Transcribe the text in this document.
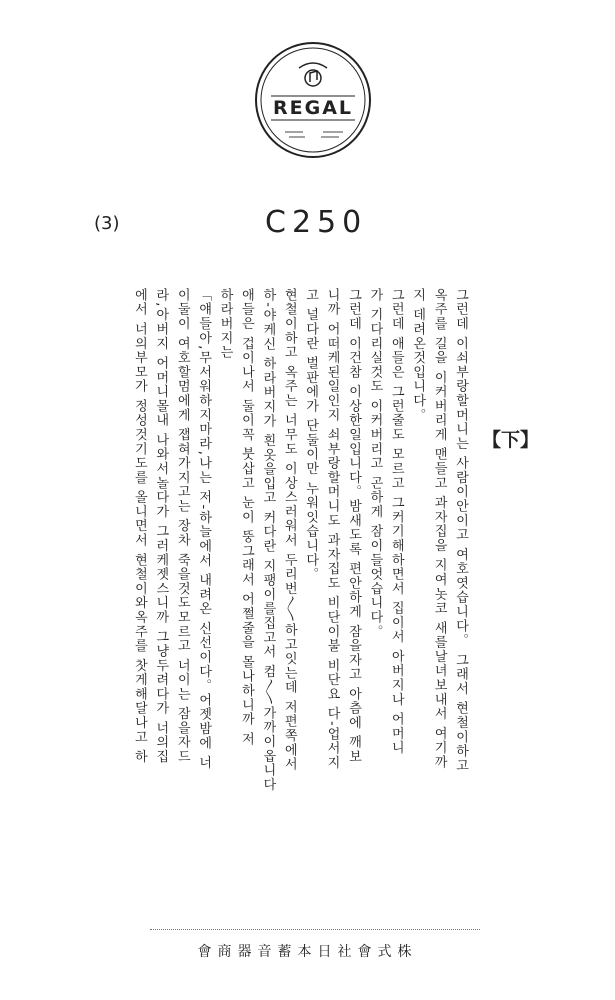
REGAL
(3)	C250
【下】
그런데 이쇠부랑할머니는 사람이안이고 여호엿습니다。 그래서 현철이하고
옥주를 길을 이커버리게 맨들고 과자집을 지여놋코 새를날녀보내서 여기까
지 데려온것입니다。
그런데 애들은 그런줄도 모르고 그커기해하면서 집이서 아버지나 어머니
가 기다리실것도 이커버리고 곤하게 잠이들엇습니다。
그런데 이건참 이상한일입니다。밤새도록 편안하게 잠을자고 아츰에 깨보
니까 어떠케된일인지 쇠부랑할머니도 과자집도 비단이불 비단요 다-업서지
고 널다란 벌판에가 단둘이만 누워잇습니다。
현철이하고 옥주는 너무도 이상스러워서 두리번〱하고잇는데 저편쪽에서
하-야케신 하라버지가 흰옷을입고 커다란 지팽이를집고서 컴〱가까이옵니다
애들은 겁이나서 둘이꼭 붓삽고 눈이 뚱그래서 어쩔줄을 몰나하니까 저
하라버지는
「얘들아,무서워하지마라,나는 저-하늘에서 내려온 신선이다。어젯밤에 너
이둘이 여호할멈에게 잽혀가지고는 장차 죽을것도모르고 너이는 잠을자드
라,아버지 어머니몰내 나와서놀다가 그러케젯스니까 그냥두려다가 너의집
에서 너의부모가 정성것기도를 올니면서 현철이와옥주를 찻게해달나고 하
會商器音蓄本日社會式株
